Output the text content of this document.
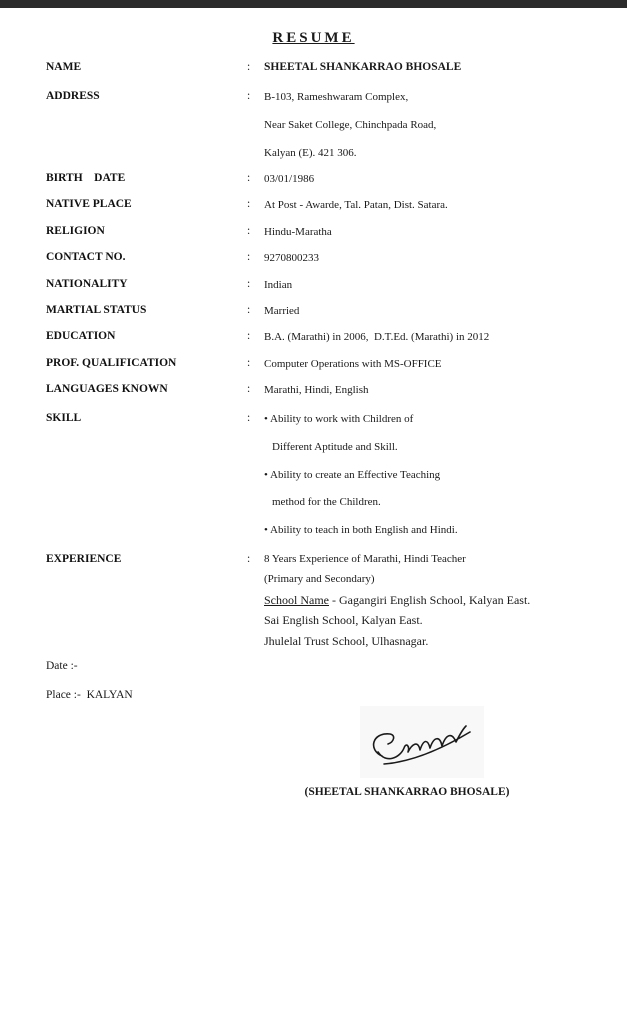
RESUME
NAME	: SHEETAL SHANKARRAO BHOSALE
ADDRESS	: B-103, Rameshwaram Complex,
Near Saket College, Chinchpada Road,
Kalyan (E). 421 306.
BIRTH    DATE	: 03/01/1986
NATIVE PLACE	: At Post - Awarde, Tal. Patan, Dist. Satara.
RELIGION	: Hindu-Maratha
CONTACT NO.	: 9270800233
NATIONALITY	: Indian
MARTIAL STATUS	: Married
EDUCATION	: B.A. (Marathi) in 2006,  D.T.Ed. (Marathi) in 2012
PROF. QUALIFICATION	: Computer Operations with MS-OFFICE
LANGUAGES KNOWN	: Marathi, Hindi, English
SKILL	: • Ability to work with Children of
Different Aptitude and Skill.
• Ability to create an Effective Teaching
method for the Children.
• Ability to teach in both English and Hindi.
EXPERIENCE	: 8 Years Experience of Marathi, Hindi Teacher
(Primary and Secondary)
School Name - Gagangiri English School, Kalyan East.
Sai English School, Kalyan East.
Jhulelal Trust School, Ulhasnagar.
Date :-
Place :- KALYAN
(SHEETAL SHANKARRAO BHOSALE)
